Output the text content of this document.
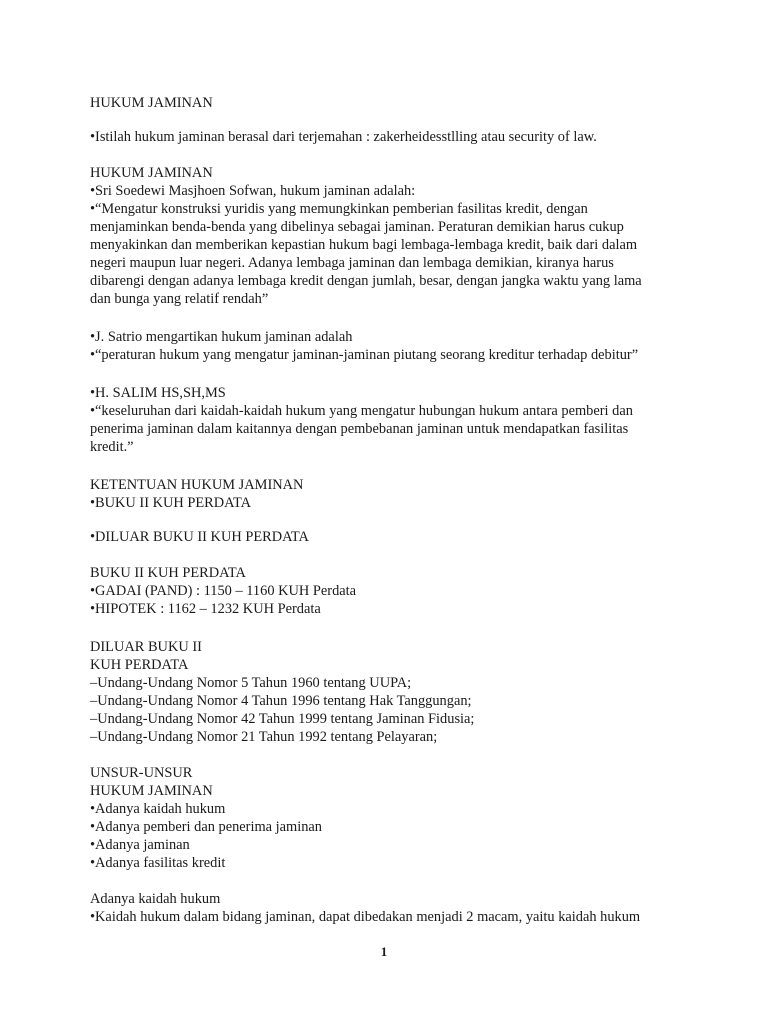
HUKUM JAMINAN
•Istilah hukum jaminan berasal dari terjemahan : zakerheidesstlling atau security of law.
HUKUM JAMINAN
•Sri Soedewi Masjhoen Sofwan, hukum jaminan adalah:
•“Mengatur konstruksi yuridis yang memungkinkan pemberian fasilitas kredit, dengan
menjaminkan benda-benda yang dibelinya sebagai jaminan. Peraturan demikian harus cukup
menyakinkan dan memberikan kepastian hukum bagi lembaga-lembaga kredit, baik dari dalam
negeri maupun luar negeri. Adanya lembaga jaminan dan lembaga demikian, kiranya harus
dibarengi dengan adanya lembaga kredit dengan jumlah, besar, dengan jangka waktu yang lama
dan bunga yang relatif rendah”
•J. Satrio mengartikan hukum jaminan adalah
•“peraturan hukum yang mengatur jaminan-jaminan piutang seorang kreditur terhadap debitur”
•H. SALIM HS,SH,MS
•“keseluruhan dari kaidah-kaidah hukum yang mengatur hubungan hukum antara pemberi dan
penerima jaminan dalam kaitannya dengan pembebanan jaminan untuk mendapatkan fasilitas
kredit.”
KETENTUAN HUKUM JAMINAN
•BUKU II KUH PERDATA
•DILUAR BUKU II KUH PERDATA
BUKU II KUH PERDATA
•GADAI (PAND) : 1150 – 1160 KUH Perdata
•HIPOTEK : 1162 – 1232 KUH Perdata
DILUAR BUKU II
KUH PERDATA
–Undang-Undang Nomor 5 Tahun 1960 tentang UUPA;
–Undang-Undang Nomor 4 Tahun 1996 tentang Hak Tanggungan;
–Undang-Undang Nomor 42 Tahun 1999 tentang Jaminan Fidusia;
–Undang-Undang Nomor 21 Tahun 1992 tentang Pelayaran;
UNSUR-UNSUR
HUKUM JAMINAN
•Adanya kaidah hukum
•Adanya pemberi dan penerima jaminan
•Adanya jaminan
•Adanya fasilitas kredit
Adanya kaidah hukum
•Kaidah hukum dalam bidang jaminan, dapat dibedakan menjadi 2 macam, yaitu kaidah hukum
1
